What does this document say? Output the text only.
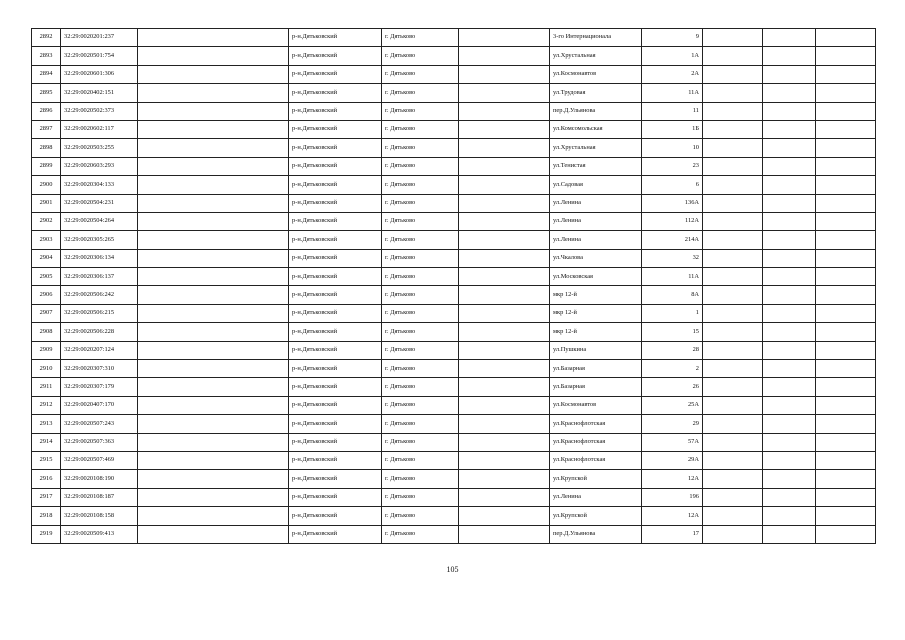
2892	32:29:0020201:237		р-н.Дятьковский	г. Дятьково		3-го Интернационала	9			
2893	32:29:0020501:754		р-н.Дятьковский	г. Дятьково		ул.Хрустальная	1А			
2894	32:29:0020601:306		р-н.Дятьковский	г. Дятьково		ул.Космонавтов	2А			
2895	32:29:0020402:151		р-н.Дятьковский	г. Дятьково		ул.Трудовая	11А			
2896	32:29:0020502:373		р-н.Дятьковский	г. Дятьково		пер.Д.Ульянова	11			
2897	32:29:0020602:117		р-н.Дятьковский	г. Дятьково		ул.Комсомольская	1Б			
2898	32:29:0020503:255		р-н.Дятьковский	г. Дятьково		ул.Хрустальная	10			
2899	32:29:0020603:293		р-н.Дятьковский	г. Дятьково		ул.Тенистая	23			
2900	32:29:0020304:133		р-н.Дятьковский	г. Дятьково		ул.Садовая	6			
2901	32:29:0020504:231		р-н.Дятьковский	г. Дятьково		ул.Ленина	136А			
2902	32:29:0020504:264		р-н.Дятьковский	г. Дятьково		ул.Ленина	112А			
2903	32:29:0020305:265		р-н.Дятьковский	г. Дятьково		ул.Ленина	214А			
2904	32:29:0020306:134		р-н.Дятьковский	г. Дятьково		ул.Чкалова	32			
2905	32:29:0020306:137		р-н.Дятьковский	г. Дятьково		ул.Московская	11А			
2906	32:29:0020506:242		р-н.Дятьковский	г. Дятьково		мкр 12-й	8А			
2907	32:29:0020506:215		р-н.Дятьковский	г. Дятьково		мкр 12-й	1			
2908	32:29:0020506:228		р-н.Дятьковский	г. Дятьково		мкр 12-й	15			
2909	32:29:0020207:124		р-н.Дятьковский	г. Дятьково		ул.Пушкина	28			
2910	32:29:0020307:310		р-н.Дятьковский	г. Дятьково		ул.Базарная	2			
2911	32:29:0020307:179		р-н.Дятьковский	г. Дятьково		ул.Базарная	26			
2912	32:29:0020407:170		р-н.Дятьковский	г. Дятьково		ул.Космонавтов	25А			
2913	32:29:0020507:243		р-н.Дятьковский	г. Дятьково		ул.Краснофлотская	29			
2914	32:29:0020507:363		р-н.Дятьковский	г. Дятьково		ул.Краснофлотская	57А			
2915	32:29:0020507:469		р-н.Дятьковский	г. Дятьково		ул.Краснофлотская	29А			
2916	32:29:0020108:190		р-н.Дятьковский	г. Дятьково		ул.Крупской	12А			
2917	32:29:0020108:187		р-н.Дятьковский	г. Дятьково		ул.Ленина	196			
2918	32:29:0020108:158		р-н.Дятьковский	г. Дятьково		ул.Крупской	12А			
2919	32:29:0020509:413		р-н.Дятьковский	г. Дятьково		пер.Д.Ульянова	17			
105
